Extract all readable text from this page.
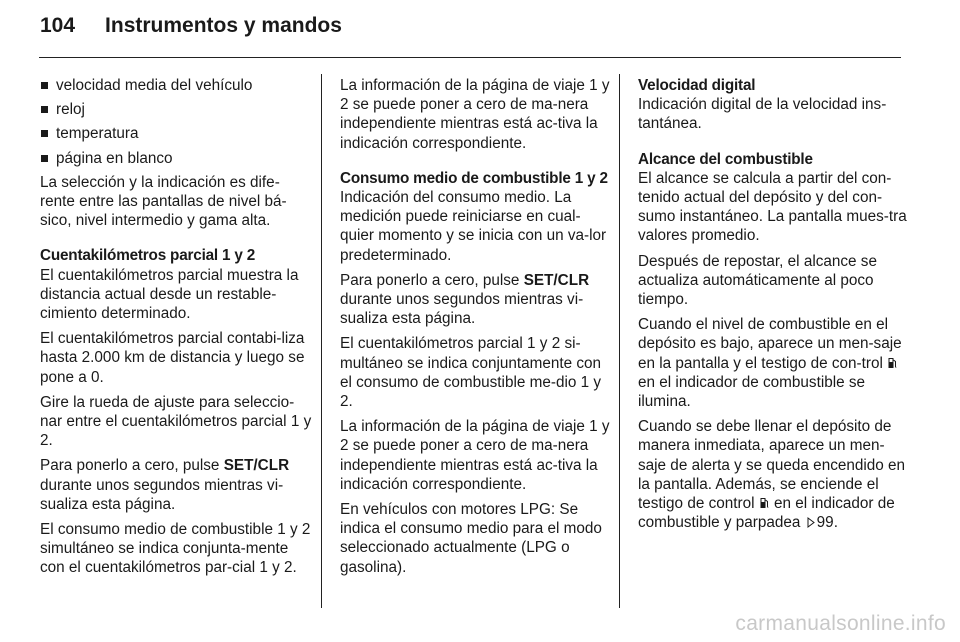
104 Instrumentos y mandos
velocidad media del vehículo
reloj
temperatura
página en blanco

La selección y la indicación es dife-rente entre las pantallas de nivel bá-sico, nivel intermedio y gama alta.

Cuentakilómetros parcial 1 y 2

El cuentakilómetros parcial muestra la distancia actual desde un restable-cimiento determinado.

El cuentakilómetros parcial contabi-liza hasta 2.000 km de distancia y luego se pone a 0.

Gire la rueda de ajuste para seleccio-nar entre el cuentakilómetros parcial 1 y 2.

Para ponerlo a cero, pulse SET/CLR durante unos segundos mientras vi-sualiza esta página.

El consumo medio de combustible 1 y 2 simultáneo se indica conjunta-mente con el cuentakilómetros par-cial 1 y 2.

La información de la página de viaje 1 y 2 se puede poner a cero de ma-nera independiente mientras está ac-tiva la indicación correspondiente.

Consumo medio de combustible 1 y 2

Indicación del consumo medio. La medición puede reiniciarse en cual-quier momento y se inicia con un va-lor predeterminado.

Para ponerlo a cero, pulse SET/CLR durante unos segundos mientras vi-sualiza esta página.

El cuentakilómetros parcial 1 y 2 si-multáneo se indica conjuntamente con el consumo de combustible me-dio 1 y 2.

La información de la página de viaje 1 y 2 se puede poner a cero de ma-nera independiente mientras está ac-tiva la indicación correspondiente.

En vehículos con motores LPG: Se indica el consumo medio para el modo seleccionado actualmente (LPG o gasolina).

Velocidad digital

Indicación digital de la velocidad ins-tantánea.

Alcance del combustible

El alcance se calcula a partir del con-tenido actual del depósito y del con-sumo instantáneo. La pantalla mues-tra valores promedio.

Después de repostar, el alcance se actualiza automáticamente al poco tiempo.

Cuando el nivel de combustible en el depósito es bajo, aparece un men-saje en la pantalla y el testigo de con-trol  en el indicador de combustible se ilumina.

Cuando se debe llenar el depósito de manera inmediata, aparece un men-saje de alerta y se queda encendido en la pantalla. Además, se enciende el testigo de control  en el indicador de combustible y parpadea 99.

carmanualsonline.info
